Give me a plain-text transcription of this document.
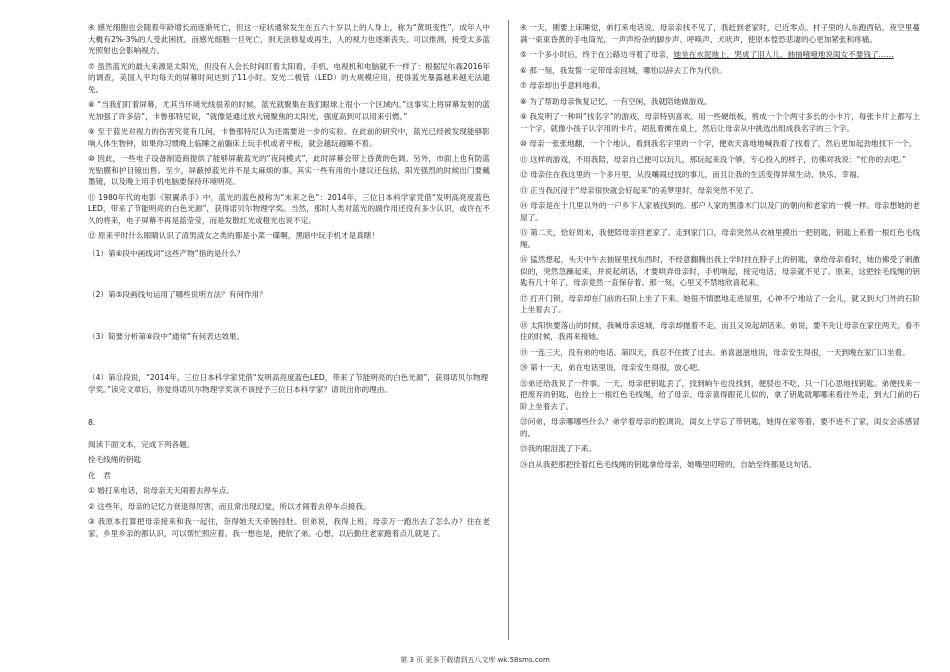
④ 感光细胞也会随着年龄增长而逐渐死亡，但这一症状通常发生在五六十岁以上的人身上，称为“黄斑变性”，成年人中大概有2%-3%的人受此困扰。而感光细胞一旦死亡，则无法修复或再生，人的视力也逐渐丧失。可以推测，接受太多蓝光照射也会影响视力。

⑦ 虽然蓝光的最大来源是太阳光，但没有人会长时间盯着太阳看，手机、电视机和电脑就不一样了：根据尼尔森2016年的调查，美国人平均每天的屏幕时间达到了11小时。发光二极管（LED）的大规模应用，使得蓝光暴露越来越无法避免。

⑧ “当我们盯着屏幕，尤其当环境光线很差的时候，蓝光就聚集在我们眼球上很小一个区域内。”这事实上将屏幕发射的蓝光加强了许多倍”，卡鲁那特尼说，“就像是通过放大镜聚焦的太阳光，强度高到可以用来引燃。”

⑨ 至于蓝光对视力的伤害究竟有几何，卡鲁那特尼认为还需要进一步的实验。在此前的研究中，蓝光已经被发现能够影响人体生物钟，如果你习惯晚上临睡之前躺床上玩手机或者平板，就会越玩越睡不着。

⑩ 因此，一些电子设备制造商提供了能够屏蔽蓝光的“夜间模式”，此时屏幕会带上昏黄的色调。另外，市面上也有防蓝光贴膜和护目镜出售。至少，屏蔽掉蓝光并不是太麻烦的事。其实一些有用的小建议还包括，阳光强烈的时候出门要戴墨镜，以及晚上用手机电脑要保持环境明亮。

⑪ 1980年代的电影《银翼杀手》中，蓝光的蓝色被称为“未来之色”：2014年，三位日本科学家凭借“发明高亮度蓝色LED，带来了节能明亮的白色光源”，获得诺贝尔物理学奖。当然，那时人类对蓝光的副作用还没有多少认识，或许在不久的将来，电子屏幕不再是蓝莹莹，而是发散红光或橙光也说不定。

⑫ 原来平时什么眼睛认识了渣男渣女之类的都是小菜一碟啊，黑暗中玩手机才是真瞎！

（1）第⑥段中画线词“这些产物”指的是什么？

（2）第⑤段画线句运用了哪些说明方法？有何作用？

（3）简要分析第⑧段中“通常”有何表达效果。

（4）第⑪段说，“2014年，三位日本科学家凭借“发明高亮度蓝色LED，带来了节能明亮的白色光源”，获得诺贝尔物理学奖。”读完文章后，你觉得诺贝尔物理学奖该不该授予三位日本科学家？请说出你的理由。

8.

阅读下面文本，完成下列各题。

拴毛线绳的钥匙

化　君

① 婚打来电话，说母亲天天闹着去停车点。

② 这些年，母亲的记忆力衰退得厉害，而且常出现幻觉，所以才闹着去停车点接我。

③ 我原本打算把母亲接来和我一起住，奈得她天天牵肠挂肚。但弟说，我得上班，母亲万一跑出去了怎么办？住在老家，乡里乡亲的都认识，可以帮忙照应着。我一想也是，便依了弟。心想，以后勤往老家跑着点儿就是了。

④ 一天，刚要上床睡觉，弟打来电话说，母亲亲找不见了，我赶到老家时，已近零点。村子里的人东跑西钻，夜空里蔓满一束束昏黄的手电筒光，一声声纷杂的脚步声、呼唤声、犬吠声，使原本惶恐悲凄的心更加紧张和疼痛。

⑤ 一个多小时后，终于在公路边寻着了母亲，她坐在水泥地上，哭成了泪人儿，抽抽噎噎地说闺女不要钱了……

⑥ 那一刻，我发誓一定带母亲回城，哪怕以辞去工作为代价。

⑦ 母亲却出乎意料地乖。

⑧ 为了帮助母亲恢复记忆，一有空闲，我就陪她做游戏。

⑨ 我发明了一种叫“找名字”的游戏，母亲特别喜欢。用一些硬纸板，剪成一个个两寸多长的小卡片，每张卡片上都写上一个字，就像小孩子认字用的卡片，胡乱着摊在桌上，然后让母亲从中挑选出组成我名字的三个字。

⑩ 母亲一张张地翻，一个个地认，看到我名字里的一个字，便欢天喜地地喊我看了找着了，然后更加起劲地找下一个。

⑪ 这样的游戏，不用我陪，母亲自己便可以玩儿，那玩起来没个够，专心投入的样子，仿佛对我说：“忙你的去吧。”

⑫ 母亲住在我这里的一个多月里，从没嚷闹过找的事儿，而且让我的生活变得异常生动、快乐、幸福。

⑬ 正当我沉浸于“母亲很快就会好起来”的美梦里时，母亲突然不见了。

⑭ 母亲是在十几里以外的一户乡下人家被找到的。那户人家的黑漆木门以及门的朝向和老家的一模一样。母亲想她的老屋了。

⑮ 第二天，恰好周末，我便陪母亲回老家了。走到家门口，母亲突然从衣袖里摸出一把钥匙，钥匙上系着一根红色毛线绳。

⑯ 猛然想起，头天中午去抽屉里找东西时，不经意翻腾出我上学时挂在脖子上的钥匙，拿给母亲看时，她仿佛受了刺激似的，突然急躁起来，并说起胡话，才要哄弄母亲时，手机响起，接完电话，母亲就不见了。原来，这把拴毛线绳的钥匙有几十年了，母亲竟然一直保存着。那一刻，心里又不禁地欣喜起来。

⑰ 打开门锁，母亲却在门前的石阶上坐了下来。她很不情愿地走进屋里，心神不宁地站了一会儿，就又到大门外的石阶上坐着去了。

⑱ 太阳快要落山的时候，我喊母亲返城，母亲却抛着不走，而且又说起胡话来。弟说，要不先让母亲在家住两天，看不住的时候，我再来接她。

⑲ 一连三天，没有弟的电话。第四天，我忍不住拨了过去。弟喜滋滋地说，母亲安生得很，一天到晚在家门口坐着。

⑳ 第十一天，弟在电话里说，母亲安生得很，放心吧。

㉑弟还给我说了一件事。一天，母亲把钥匙丢了，找到晌午也没找到，便驳也不吃，只一门心思地找钥匙。弟便找来一把废弃的钥匙，也拴上一根红色毛线绳，给了母亲。母亲喜得跟花儿似的，拿了钥匙就哪哪来看往外走，到大门前的石阶上坐着去了。

㉒问弟，母亲哪哪些什么？弟学着母亲的腔调说，闺女上学忘了带钥匙，她得在家等着，要不进不了家，闺女会冻感冒的。

㉓我的眼泪流了下来。

㉔自从我把那把拴着红色毛线绳的钥匙拿给母亲，她嘴里叨唠的，自始至终都是这句话。

第 3 页 更多下载请到五八文库 wk.58sms.com
